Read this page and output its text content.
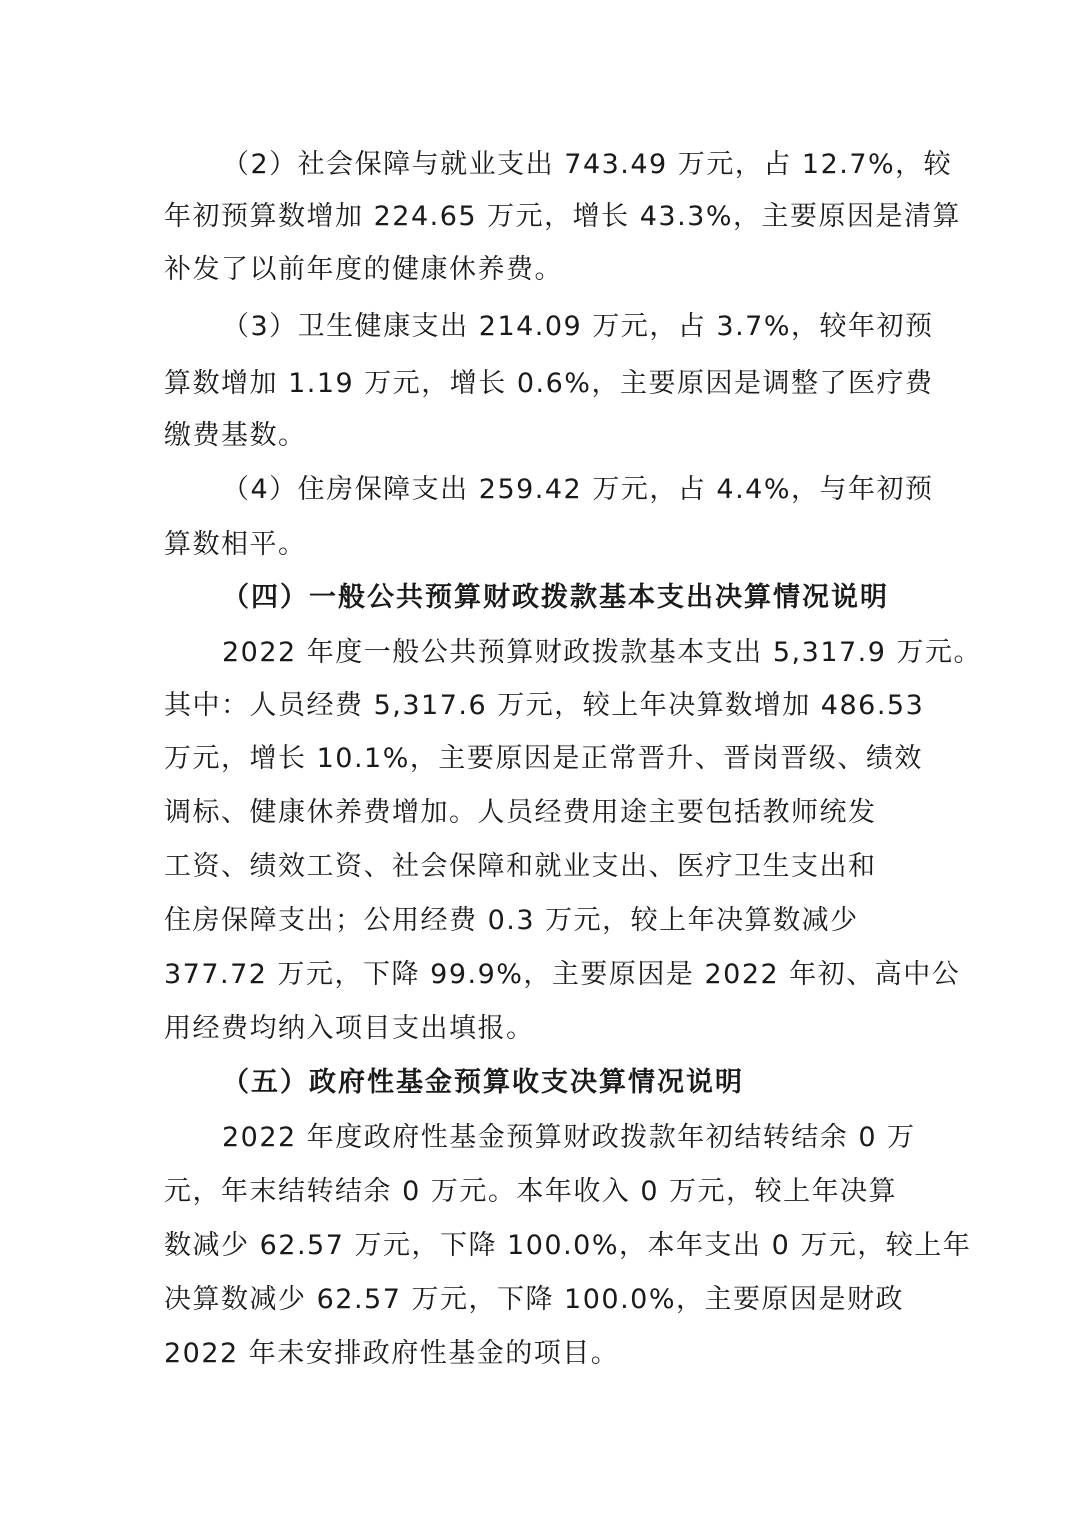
（2）社会保障与就业支出 743.49 万元，占 12.7%，较
年初预算数增加 224.65 万元，增长 43.3%，主要原因是清算
补发了以前年度的健康休养费。
（3）卫生健康支出 214.09 万元，占 3.7%，较年初预
算数增加 1.19 万元，增长 0.6%，主要原因是调整了医疗费
缴费基数。
（4）住房保障支出 259.42 万元，占 4.4%，与年初预
算数相平。
（四）一般公共预算财政拨款基本支出决算情况说明
2022 年度一般公共预算财政拨款基本支出 5,317.9 万元。
其中：人员经费 5,317.6 万元，较上年决算数增加 486.53
万元，增长 10.1%，主要原因是正常晋升、晋岗晋级、绩效
调标、健康休养费增加。人员经费用途主要包括教师统发
工资、绩效工资、社会保障和就业支出、医疗卫生支出和
住房保障支出；公用经费 0.3 万元，较上年决算数减少
377.72 万元，下降 99.9%，主要原因是 2022 年初、高中公
用经费均纳入项目支出填报。
（五）政府性基金预算收支决算情况说明
2022 年度政府性基金预算财政拨款年初结转结余 0 万
元，年末结转结余 0 万元。本年收入 0 万元，较上年决算
数减少 62.57 万元，下降 100.0%，本年支出 0 万元，较上年
决算数减少 62.57 万元，下降 100.0%，主要原因是财政
2022 年未安排政府性基金的项目。
